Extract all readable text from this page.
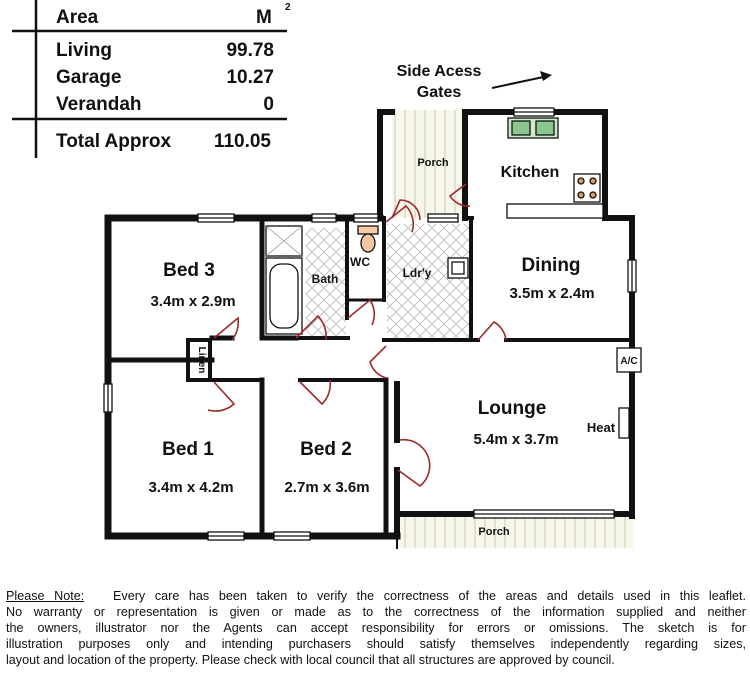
Area	M 2
Living	99.78
Garage	10.27
Verandah	0
Total Approx 110.05
Side Acess
Gates
Kitchen
Dining
3.5m x 2.4m
Bed 3
3.4m x 2.9m
Bath
WC
Ldr'y
Porch
Linen	A/C
Lounge
5.4m x 3.7m
Heat
Bed 1
3.4m x 4.2m
Bed 2
2.7m x 3.6m
Porch
Please Note: Every care has been taken to verify the correctness of the areas and details used in this leaflet.
No warranty or representation is given or made as to the correctness of the information supplied and neither
the owners, illustrator nor the Agents can accept responsibility for errors or omissions. The sketch is for
illustration purposes only and intending purchasers should satisfy themselves independently regarding sizes,
layout and location of the property. Please check with local council that all structures are approved by council.
